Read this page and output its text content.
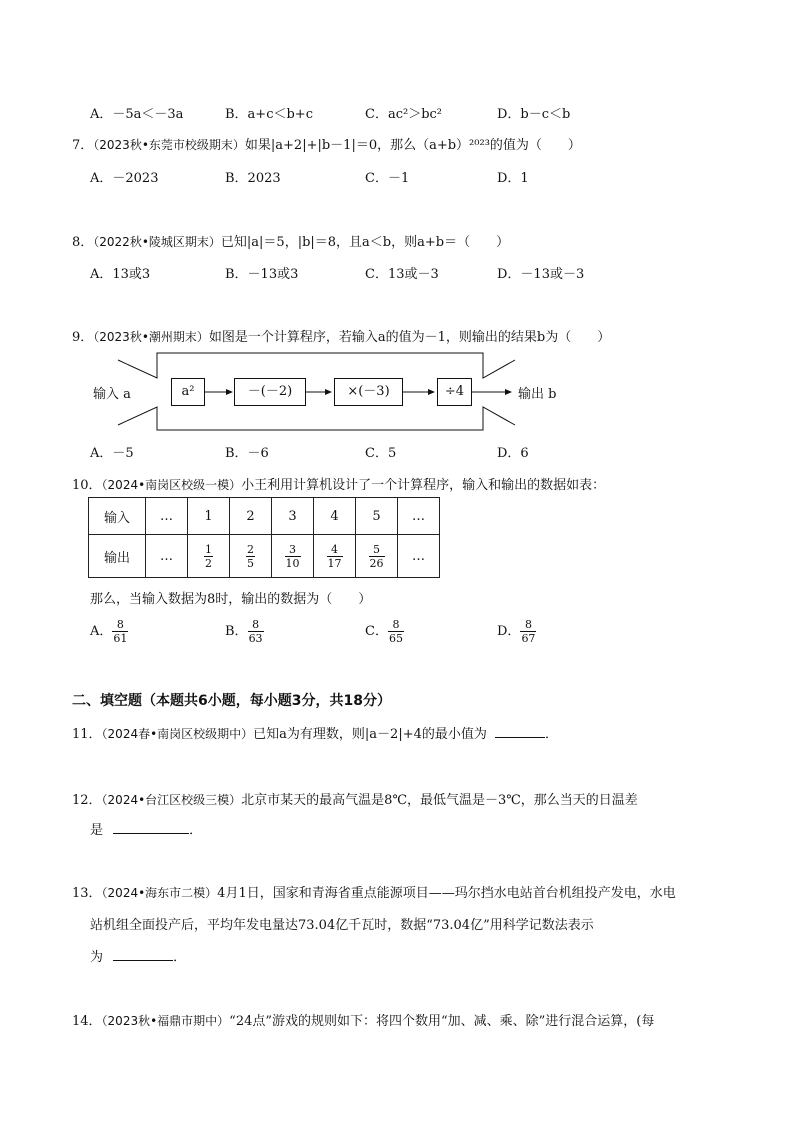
A．－5a＜－3a	B．a+c＜b+c	C．ac²＞bc²	D．b－c＜b
7．（2023秋•东莞市校级期末）如果|a+2|+|b－1|＝0，那么（a+b）²⁰²³的值为（　　）
A．－2023	B．2023	C．－1	D．1
8．（2022秋•陵城区期末）已知|a|＝5，|b|＝8，且a＜b，则a+b＝（　　）
A．13或3	B．－13或3	C．13或－3	D．－13或－3
9．（2023秋•潮州期末）如图是一个计算程序，若输入a的值为－1，则输出的结果b为（　　）
输入 a	a²	－(－2)	×(－3)	÷4	输出 b
A．－5	B．－6	C．5	D．6
10．（2024•南岗区校级一模）小王利用计算机设计了一个计算程序，输入和输出的数据如表：
输入	…	1	2	3	4	5	…
输出	…	$\frac{1}{2}$	$\frac{2}{5}$	$\frac{3}{10}$	$\frac{4}{17}$	$\frac{5}{26}$	…
那么，当输入数据为8时，输出的数据为（　　）
A． $\frac{8}{61}$	B． $\frac{8}{63}$	C． $\frac{8}{65}$	D． $\frac{8}{67}$
二、填空题（本题共6小题，每小题3分，共18分）
11．（2024春•南岗区校级期中）已知a为有理数，则|a－2|+4的最小值为	．
12．（2024•台江区校级三模）北京市某天的最高气温是8℃，最低气温是－3℃，那么当天的日温差
是	．
13．（2024•海东市二模）4月1日，国家和青海省重点能源项目——玛尔挡水电站首台机组投产发电，水电
站机组全面投产后，平均年发电量达73.04亿千瓦时，数据“73.04亿”用科学记数法表示
为	．
14．（2023秋•福鼎市期中）“24点”游戏的规则如下：将四个数用“加、减、乘、除”进行混合运算，(每
